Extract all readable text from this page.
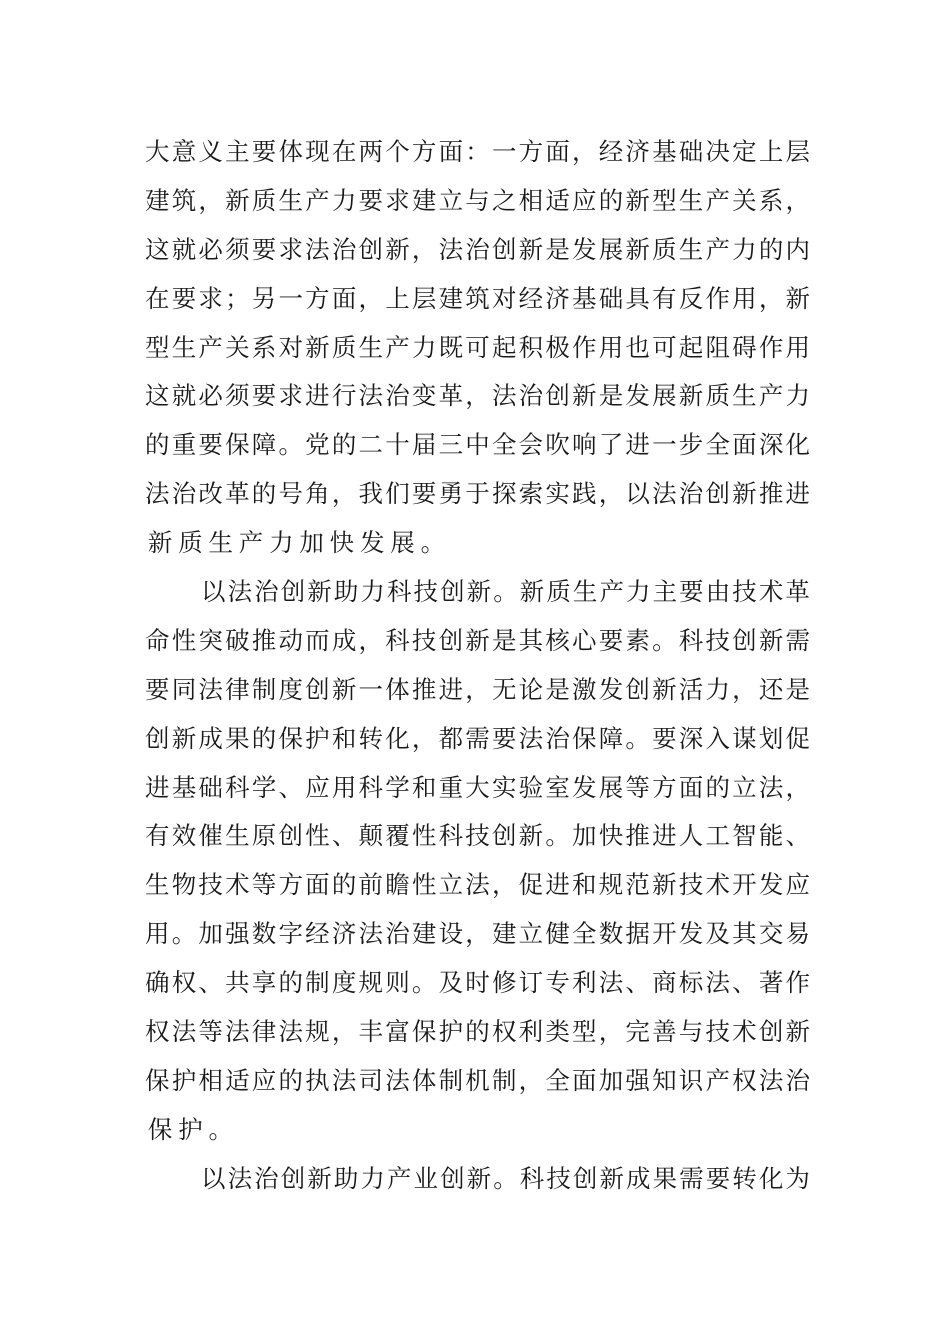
大 意 义 主 要 体 现 在 两 个 方 面 ： 一 方 面 ， 经 济 基 础 决 定 上 层
建 筑 ， 新 质 生 产 力 要 求 建 立 与 之 相 适 应 的 新 型 生 产 关 系 ，
这 就 必 须 要 求 法 治 创 新 ， 法 治 创 新 是 发 展 新 质 生 产 力 的 内
在 要 求 ； 另 一 方 面 ， 上 层 建 筑 对 经 济 基 础 具 有 反 作 用 ， 新
型 生 产 关 系 对 新 质 生 产 力 既 可 起 积 极 作 用 也 可 起 阻 碍 作 用
这 就 必 须 要 求 进 行 法 治 变 革 ， 法 治 创 新 是 发 展 新 质 生 产 力
的 重 要 保 障 。 党 的 二 十 届 三 中 全 会 吹 响 了 进 一 步 全 面 深 化
法 治 改 革 的 号 角 ， 我 们 要 勇 于 探 索 实 践 ， 以 法 治 创 新 推 进
新 质 生 产 力 加 快 发 展 。
以 法 治 创 新 助 力 科 技 创 新 。 新 质 生 产 力 主 要 由 技 术 革
命 性 突 破 推 动 而 成 ， 科 技 创 新 是 其 核 心 要 素 。 科 技 创 新 需
要 同 法 律 制 度 创 新 一 体 推 进 ， 无 论 是 激 发 创 新 活 力 ， 还 是
创 新 成 果 的 保 护 和 转 化 ， 都 需 要 法 治 保 障 。 要 深 入 谋 划 促
进 基 础 科 学 、 应 用 科 学 和 重 大 实 验 室 发 展 等 方 面 的 立 法 ，
有 效 催 生 原 创 性 、 颠 覆 性 科 技 创 新 。 加 快 推 进 人 工 智 能 、
生 物 技 术 等 方 面 的 前 瞻 性 立 法 ， 促 进 和 规 范 新 技 术 开 发 应
用 。 加 强 数 字 经 济 法 治 建 设 ， 建 立 健 全 数 据 开 发 及 其 交 易
确 权 、 共 享 的 制 度 规 则 。 及 时 修 订 专 利 法 、 商 标 法 、 著 作
权 法 等 法 律 法 规 ， 丰 富 保 护 的 权 利 类 型 ， 完 善 与 技 术 创 新
保 护 相 适 应 的 执 法 司 法 体 制 机 制 ， 全 面 加 强 知 识 产 权 法 治
保 护 。
以 法 治 创 新 助 力 产 业 创 新 。 科 技 创 新 成 果 需 要 转 化 为
